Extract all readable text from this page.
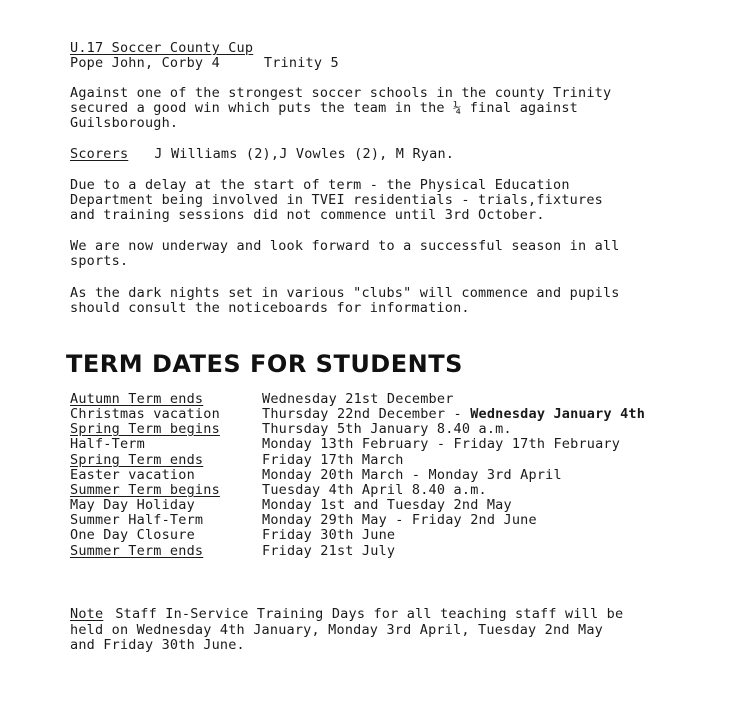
U.17 Soccer County Cup
Pope John, Corby 4	Trinity 5
Against one of the strongest soccer schools in the county Trinity
secured a good win which puts the team in the ¼ final against
Guilsborough.
Scorers J Williams (2),J Vowles (2), M Ryan.
Due to a delay at the start of term - the Physical Education
Department being involved in TVEI residentials - trials,fixtures
and training sessions did not commence until 3rd October.
We are now underway and look forward to a successful season in all
sports.
As the dark nights set in various "clubs" will commence and pupils
should consult the noticeboards for information.
TERM DATES FOR STUDENTS
Autumn Term ends	Wednesday 21st December
Christmas vacation	Thursday 22nd December - Wednesday January 4th
Spring Term begins	Thursday 5th January 8.40 a.m.
Half-Term	Monday 13th February - Friday 17th February
Spring Term ends	Friday 17th March
Easter vacation	Monday 20th March - Monday 3rd April
Summer Term begins	Tuesday 4th April 8.40 a.m.
May Day Holiday	Monday 1st and Tuesday 2nd May
Summer Half-Term	Monday 29th May - Friday 2nd June
One Day Closure	Friday 30th June
Summer Term ends	Friday 21st July
Note Staff In-Service Training Days for all teaching staff will be
held on Wednesday 4th January, Monday 3rd April, Tuesday 2nd May
and Friday 30th June.
